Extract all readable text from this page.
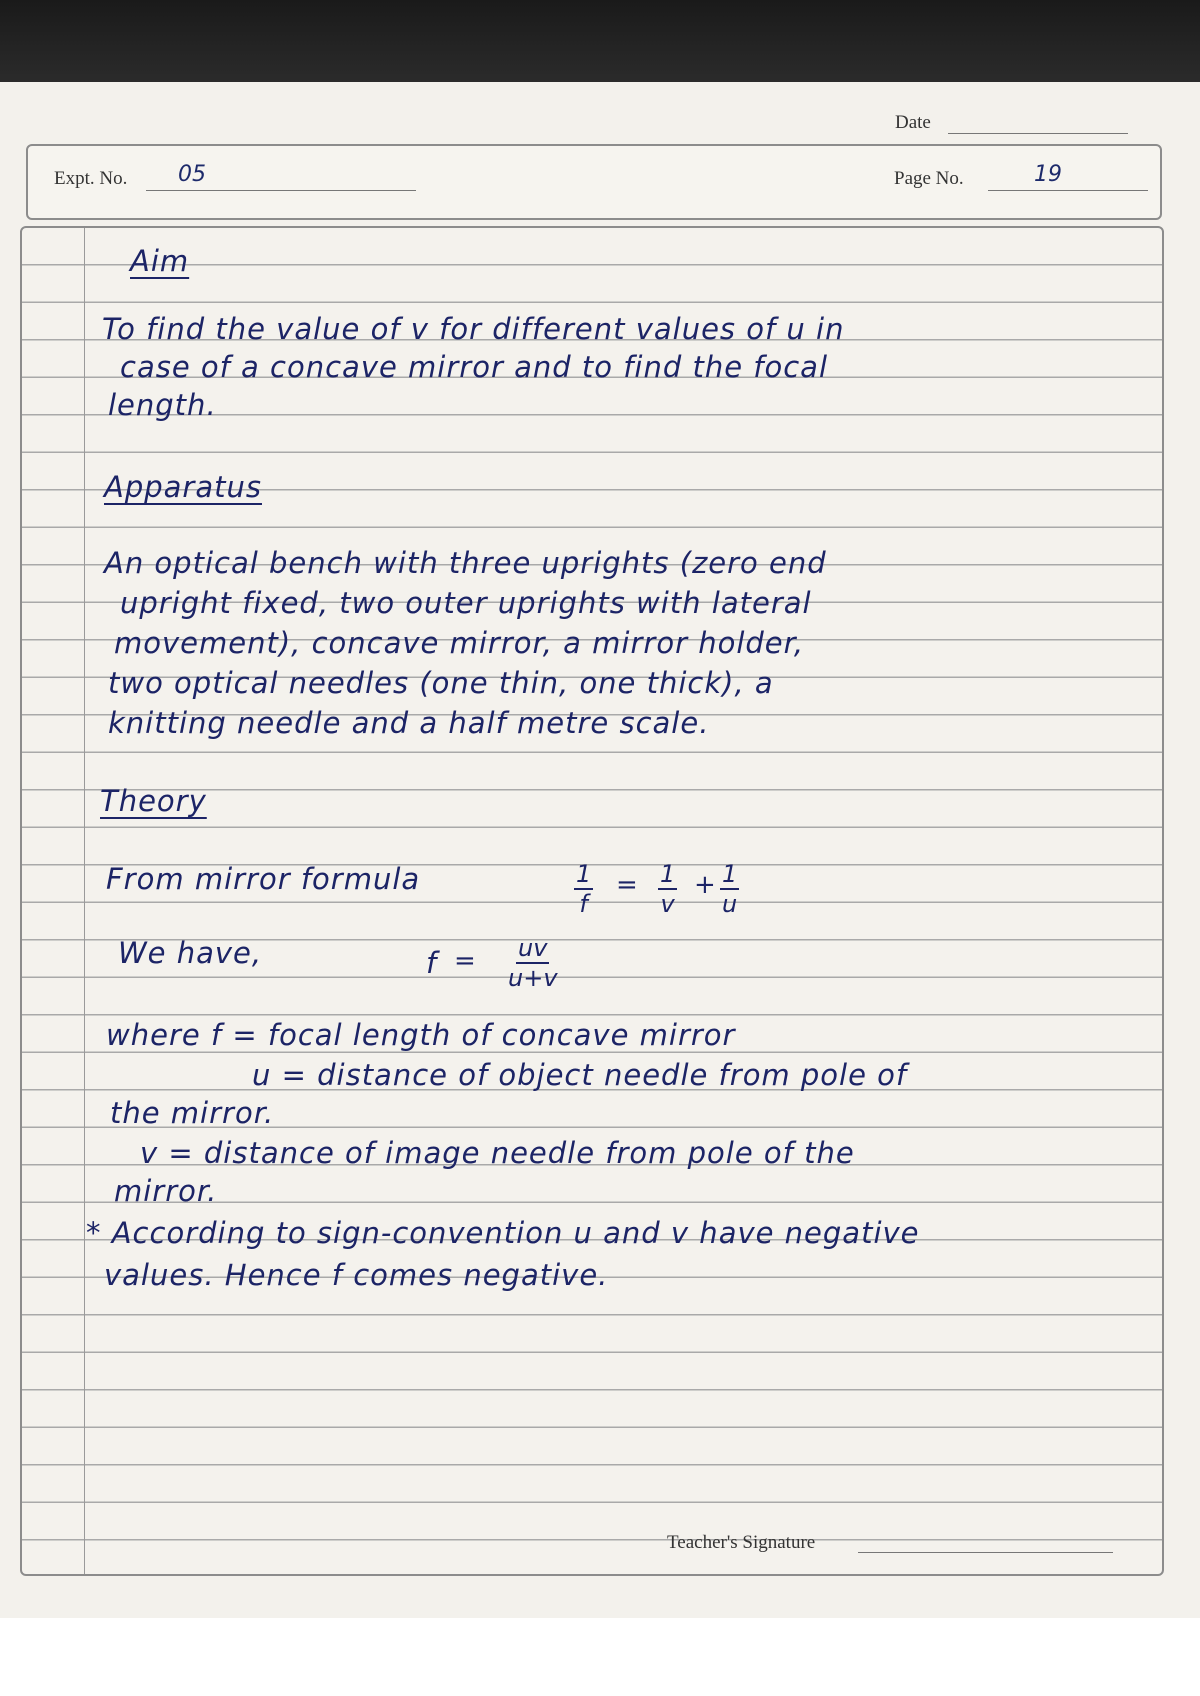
Date
Expt. No. 05	Page No.	19
Aim
To find the value of v for different values of u in
case of a concave mirror and to find the focal
length.
Apparatus
An optical bench with three uprights (zero end
upright fixed, two outer uprights with lateral
movement), concave mirror, a mirror holder,
two optical needles (one thin, one thick), a
knitting needle and a half metre scale.
Theory
From mirror formula	$\frac{1}{f} = \frac{1}{v} + \frac{1}{u}$
We have,	$f = \frac{uv}{u+v}$
where f = focal length of concave mirror
u = distance of object needle from pole of
the mirror.
v = distance of image needle from pole of the
mirror.
* According to sign-convention u and v have negative
values. Hence f comes negative.
Teacher's Signature
